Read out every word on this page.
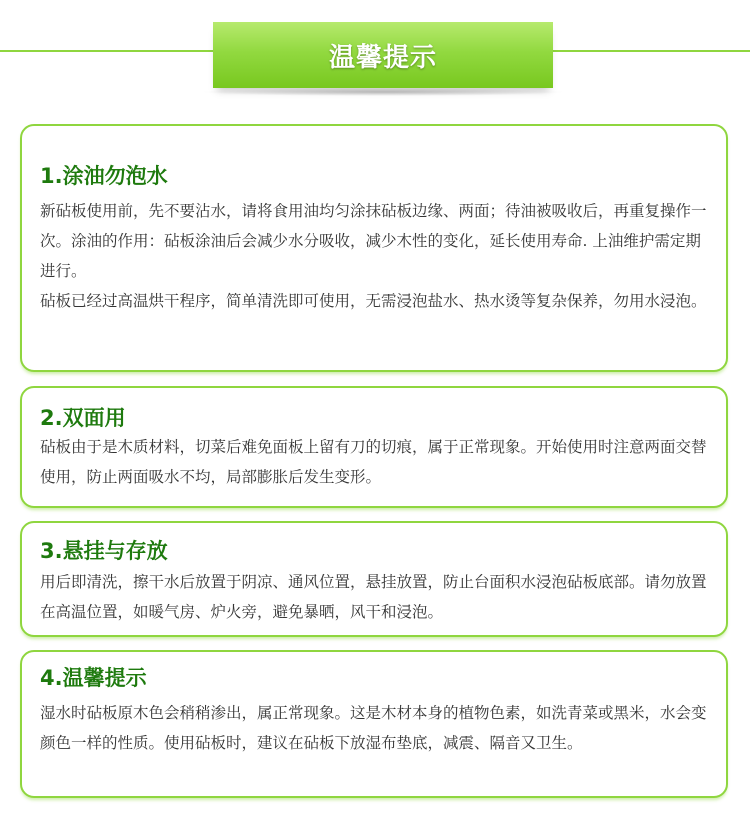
温馨提示
1.涂油勿泡水

新砧板使用前，先不要沾水，请将食用油均匀涂抹砧板边缘、两面；待油被吸收后，再重复操作一次。涂油的作用：砧板涂油后会减少水分吸收，减少木性的变化，延长使用寿命. 上油维护需定期进行。

砧板已经过高温烘干程序，简单清洗即可使用，无需浸泡盐水、热水烫等复杂保养，勿用水浸泡。

2.双面用

砧板由于是木质材料，切菜后难免面板上留有刀的切痕，属于正常现象。开始使用时注意两面交替使用，防止两面吸水不均，局部膨胀后发生变形。

3.悬挂与存放

用后即清洗，擦干水后放置于阴凉、通风位置，悬挂放置，防止台面积水浸泡砧板底部。请勿放置在高温位置，如暖气房、炉火旁，避免暴晒，风干和浸泡。

4.温馨提示

湿水时砧板原木色会稍稍渗出，属正常现象。这是木材本身的植物色素，如洗青菜或黑米，水会变颜色一样的性质。使用砧板时，建议在砧板下放湿布垫底，减震、隔音又卫生。
